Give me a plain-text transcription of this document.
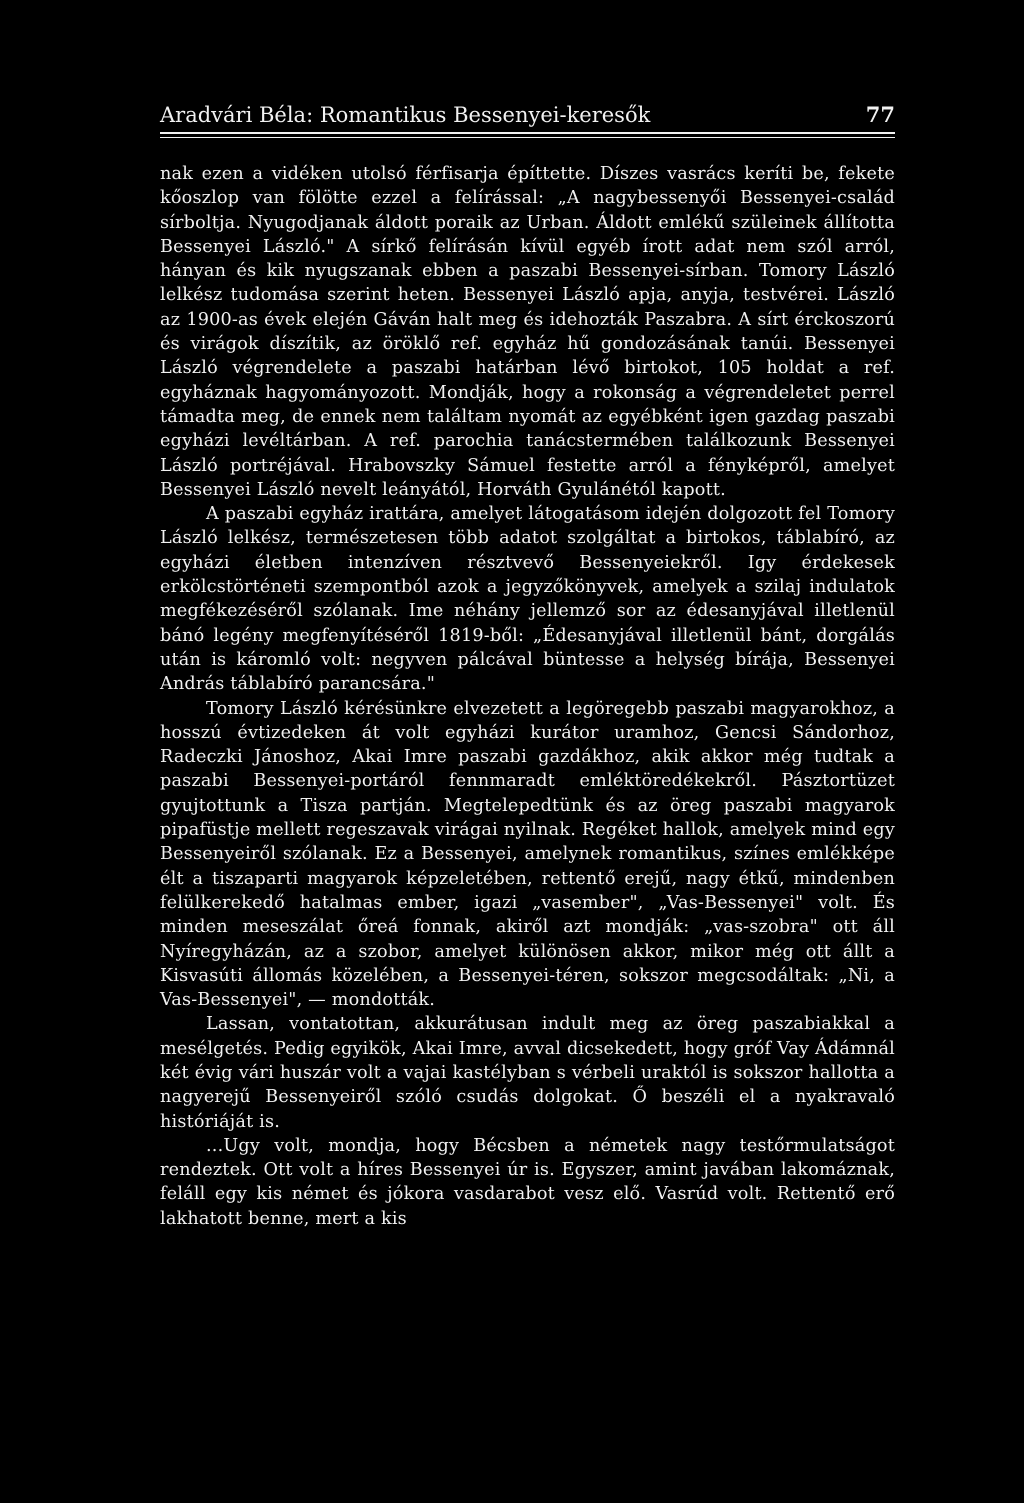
Aradvári Béla: Romantikus Bessenyei-keresők	77

nak ezen a vidéken utolsó férfisarja építtette. Díszes vasrács keríti be, fekete kőoszlop van fölötte ezzel a felírással: „A nagybessenyői Bessenyei-család sírboltja. Nyugodjanak áldott poraik az Urban. Áldott emlékű szüleinek állította Bessenyei László." A sírkő felírásán kívül egyéb írott adat nem szól arról, hányan és kik nyugszanak ebben a paszabi Bessenyei-sírban. Tomory László lelkész tudomása szerint heten. Bessenyei László apja, anyja, testvérei. László az 1900-as évek elején Gáván halt meg és idehozták Paszabra. A sírt érckoszorú és virágok díszítik, az öröklő ref. egyház hű gondozásának tanúi. Bessenyei László végrendelete a paszabi határban lévő birtokot, 105 holdat a ref. egyháznak hagyományozott. Mondják, hogy a rokonság a végrendeletet perrel támadta meg, de ennek nem találtam nyomát az egyébként igen gazdag paszabi egyházi levéltárban. A ref. parochia tanácstermében találkozunk Bessenyei László portréjával. Hrabovszky Sámuel festette arról a fényképről, amelyet Bessenyei László nevelt leányától, Horváth Gyulánétól kapott.

A paszabi egyház irattára, amelyet látogatásom idején dolgozott fel Tomory László lelkész, természetesen több adatot szolgáltat a birtokos, táblabíró, az egyházi életben intenzíven résztvevő Bessenyeiekről. Igy érdekesek erkölcstörténeti szempontból azok a jegyzőkönyvek, amelyek a szilaj indulatok megfékezéséről szólanak. Ime néhány jellemző sor az édesanyjával illetlenül bánó legény megfenyítéséről 1819-ből: „Édesanyjával illetlenül bánt, dorgálás után is káromló volt: negyven pálcával büntesse a helység bírája, Bessenyei András táblabíró parancsára."

Tomory László kérésünkre elvezetett a legöregebb paszabi magyarokhoz, a hosszú évtizedeken át volt egyházi kurátor uramhoz, Gencsi Sándorhoz, Radeczki Jánoshoz, Akai Imre paszabi gazdákhoz, akik akkor még tudtak a paszabi Bessenyei-portáról fennmaradt emléktöredékekről. Pásztortüzet gyujtottunk a Tisza partján. Megtelepedtünk és az öreg paszabi magyarok pipafüstje mellett regeszavak virágai nyilnak. Regéket hallok, amelyek mind egy Bessenyeiről szólanak. Ez a Bessenyei, amelynek romantikus, színes emlékképe élt a tiszaparti magyarok képzeletében, rettentő erejű, nagy étkű, mindenben felülkerekedő hatalmas ember, igazi „vasember", „Vas-Bessenyei" volt. És minden meseszálat őreá fonnak, akiről azt mondják: „vas-szobra" ott áll Nyíregyházán, az a szobor, amelyet különösen akkor, mikor még ott állt a Kisvasúti állomás közelében, a Bessenyei-téren, sokszor megcsodáltak: „Ni, a Vas-Bessenyei", — mondották.

Lassan, vontatottan, akkurátusan indult meg az öreg paszabiakkal a mesélgetés. Pedig egyikök, Akai Imre, avval dicsekedett, hogy gróf Vay Ádámnál két évig vári huszár volt a vajai kastélyban s vérbeli uraktól is sokszor hallotta a nagyerejű Bessenyeiről szóló csudás dolgokat. Ő beszéli el a nyakravaló históriáját is.

...Ugy volt, mondja, hogy Bécsben a németek nagy testőrmulatságot rendeztek. Ott volt a híres Bessenyei úr is. Egyszer, amint javában lakomáznak, feláll egy kis német és jókora vasdarabot vesz elő. Vasrúd volt. Rettentő erő lakhatott benne, mert a kis
